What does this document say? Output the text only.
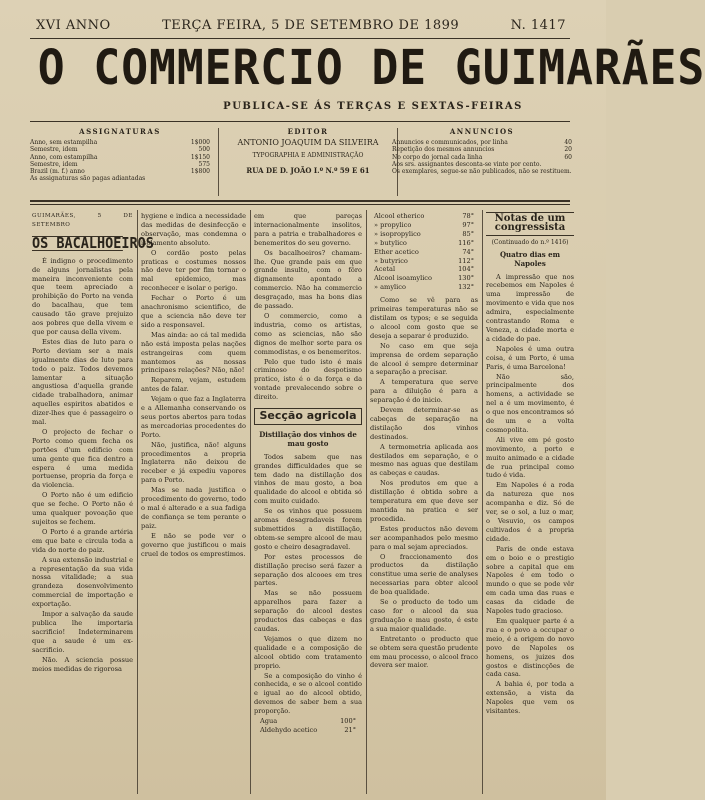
XVI ANNO	TERÇA FEIRA, 5 DE SETEMBRO DE 1899	N. 1417
O COMMERCIO DE GUIMARÃES
PUBLICA-SE ÁS TERÇAS E SEXTAS-FEIRAS
ASSIGNATURAS
Anno, sem estampilha	1$000
Semestre, idem	500
Anno, com estampilha	1$150
Semestre, idem	575
Brazil (m. f.) anno	1$800
As assignaturas são pagas adiantadas
EDITOR
ANTONIO JOAQUIM DA SILVEIRA
TYPOGRAPHIA E ADMINISTRAÇÃO
RUA DE D. JOÃO I.º N.º 59 E 61
ANNUNCIOS
Annuncios e communicados, por linha	40
Repetição dos mesmos annuncios	20
No corpo do jornal cada linha	60
Aos srs. assignantes desconta-se vinte por cento.
Os exemplares, segue-se não publicados, não se restituem.
GUIMARÃES, 5 DE SETEMBRO
OS BACALHOEIROS

É indigno o procedimento de alguns jornalistas pela maneira inconveniente com que teem apreciado a prohibição do Porto na venda do bacalhau, que tem causado tão grave prejuizo aos pobres que della vivem e que por causa della vivem.

Estes dias de luto para o Porto deviam ser a mais igualmente dias de luto para todo o paiz. Todos devemos lamentar a situação angustiosa d'aquella grande cidade trabalhadora, animar aquelles espiritos abatidos e dizer-lhes que é passageiro o mal.

O projecto de fechar o Porto como quem fecha os portões d'um edificio com uma gente que fica dentro a espera é uma medida portuense, propria da força e da violencia.

O Porto não é um edificio que se feche. O Porto não é uma qualquer povoação que sujeitos se fechem.

O Porto é a grande artéria em que bate e circula toda a vida do norte do paiz.

A sua extensão industrial e a representação da sua vida nossa vitalidade; a sua grandeza dosenvolvimento commercial de importação e exportação.

Impor a salvação da saude publica lhe importaria sacrificio! Indeterminarem que a saude é um ex-sacrificio.

Não. A sciencia possue meios medidas de rigorosa

hygiene e indica a necessidade das medidas de desinfecção e observação, mas condemna o isolamento absoluto.

O cordão posto pelas praticas e costumes nossos não deve ter por fim tornar o mal epidemico, mas reconhecer e isolar o perigo.

Fechar o Porto é um anachronismo scientifico, de que a sciencia não deve ter sido a responsavel.

Mas ainda: ao cá tal medida não está imposta pelas nações estrangeiras com quem mantemos as nossas principaes relações? Não, não!

Reparem, vejam, estudem antes de falar.

Vejam o que faz a Inglaterra e a Allemanha conservando os seus portos abertos para todas as mercadorias procedentes do Porto.

Não, justifica, não! alguns procedimentos a propria Inglaterra não deixou de receber e já expediu vapores para o Porto.

Mas se nada justifica o procedimento do governo, todo o mal é alterado e a sua fadiga de confiança se tem perante o paiz.

E não se pode ver o governo que justificou o mais cruel de todos os emprestimos.

em que pareças internacionalmente insolitos, para a patria e trabalhadores e benemeritos do seu governo.

Os bacalhoeiros? chamam-lhe. Que grande pais em que grande insulto, com o fôro dignamente apontado a commercio. Não ha commercio desgraçado, mas ha bons dias de passado.

O commercio, como a industria, como os artistas, como as sciencias, não são dignos de melhor sorte para os commodistas, e os benemeritos.

Pelo que tudo isto é mais criminoso do despotismo pratico, isto é o da força e da vontade prevalecendo sobre o direito.

Secção agricola
Distillação dos vinhos de mau gosto

Todos sabem que nas grandes difficuldades que se tem dado na distillação dos vinhos de mau gosto, a boa qualidade do alcool e obtida só com muito cuidado.

Se os vinhos que possuem aromas desagradaveis forem submettidos a distillação, obtem-se sempre alcool de mau gosto e cheiro desagradavel.

Por estes processos de distillação preciso será fazer a separação dos alcooes em tres partes.

Mas se não possuem apparelhos para fazer a separação do alcool destes productos das cabeças e das caudas.

Vejamos o que dizem no qualidade e a composição de alcool obtido com tratamento proprio.

Se a composição do vinho é conhecida, e se o alcool contido e igual ao do alcool obtido, devemos de saber bem a sua proporção.

Agua	100°
Aldehydo acetico	21°
Alcool etherico	78°
» propylico	97°
» isopropylico	85°
» butylico	116°
Ether acetico	74°
» butyrico	112°
Acetal	104°
Alcool isoamylico	130°
» amylico	132°

Como se vê para as primeiras temperaturas não se distilam os typos; e se seguida o alcool com gosto que se deseja a separar é produzido.

No caso em que seja imprensa de ordem separação de alcool é sempre determinar a separação a precisar.

A temperatura que serve para a diluição é para a separação é do inicio.

Devem determinar-se as cabeças de separação na distilação dos vinhos destinados.

A termometria aplicada aos destilados em separação, e o mesmo nas aguas que destilam as cabeças e caudas.

Nos produtos em que a distillação é obtida sobre a temperatura em que deve ser mantida na pratica e ser procedida.

Estes productos não devem ser acompanhados pelo mesmo para o mal sejam apreciados.

O fraccionamento dos productos da distilação constitue uma serie de analyses necessarias para obter alcool de boa qualidade.

Se o producto de todo um caso for o alcool da sua graduação e mau gosto, é este a sua maior qualidade.

Entretanto o producto que se obtem sera questão prudente em mau processo, o alcool fraco devera ser maior.

Notas de um congressista
(Continuado do n.º 1416)
Quatro dias em Napoles

A impressão que nos recebemos em Napoles é uma impressão de movimento e vida que nos admira, especialmente contrastando Roma e Veneza, a cidade morta e a cidade do pae.

Napoles é uma outra coisa, é um Porto, é uma Paris, é uma Barcelona!

Não são, principalmente dos homens, a actividade se nel a é um movimento, é o que nos encontramos só de um e a volta cosmopolita.

Ali vive em pé gosto movimento, a porto e muito animado e a cidade de rua principal como tudo é vida.

Em Napoles é a roda da natureza que nos acompanha e diz. Só de ver, se o sol, a luz o mar, o Vesuvio, os campos cultivados é a propria cidade.

Paris de onde estava em o boio e o prestigio sobre a capital que em Napoles é em todo o mundo o que se pode vêr em cada uma das ruas e casas da cidade de Napoles tudo gracioso.

Em qualquer parte é a rua e o povo a occupar o meio, é a origem do novo povo de Napoles os homens, os juizes dos gostos e distincções de cada casa.

A bahia é, por toda a extensão, a vista da Napoles que vem os visitantes.
